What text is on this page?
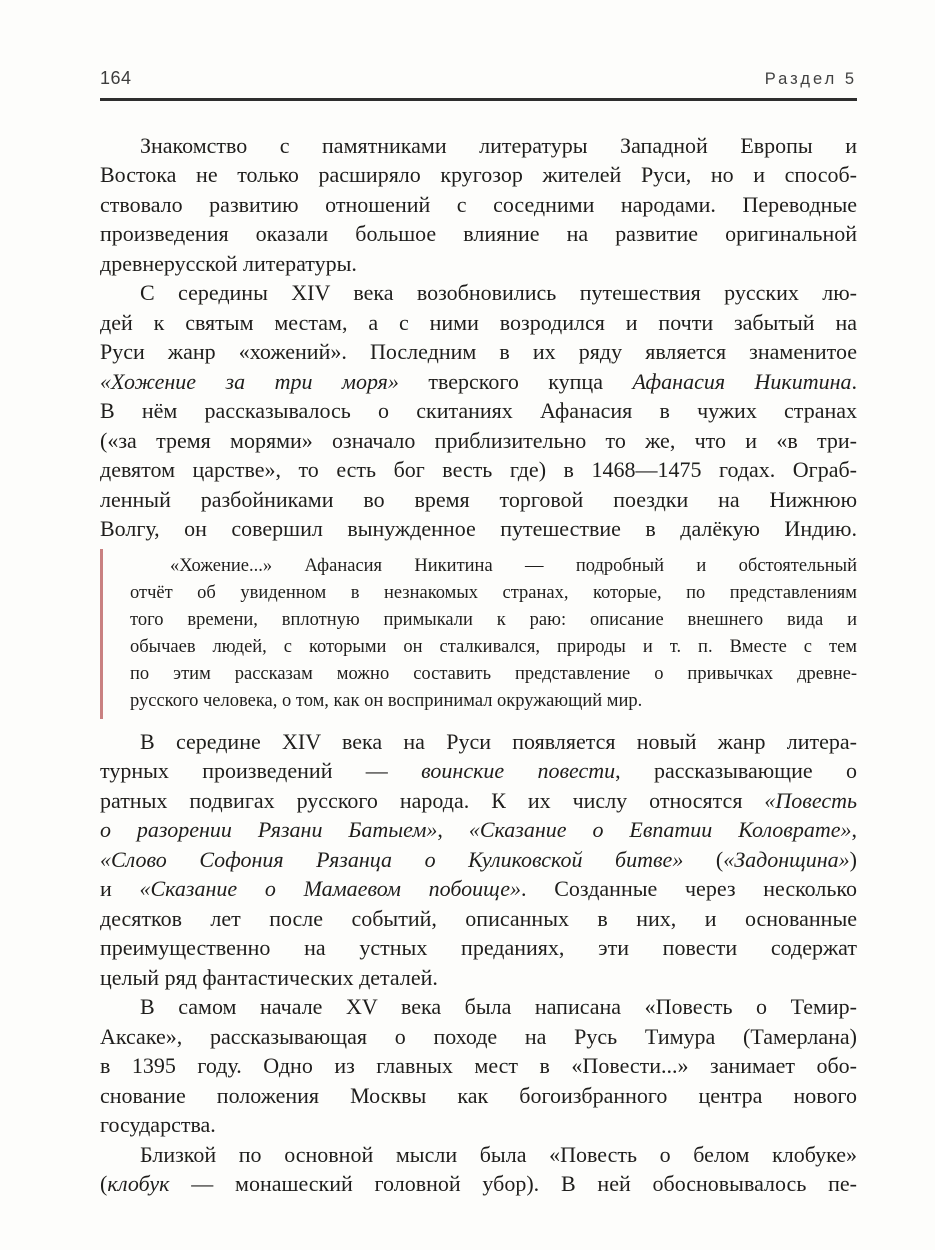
164	Раздел 5
Знакомство с памятниками литературы Западной Европы и
Востока не только расширяло кругозор жителей Руси, но и способ-
ствовало развитию отношений с соседними народами. Переводные
произведения оказали большое влияние на развитие оригинальной
древнерусской литературы.
С середины XIV века возобновились путешествия русских лю-
дей к святым местам, а с ними возродился и почти забытый на
Руси жанр «хожений». Последним в их ряду является знаменитое
«Хожение за три моря» тверского купца Афанасия Никитина.
В нём рассказывалось о скитаниях Афанасия в чужих странах
(«за тремя морями» означало приблизительно то же, что и «в три-
девятом царстве», то есть бог весть где) в 1468—1475 годах. Ограб-
ленный разбойниками во время торговой поездки на Нижнюю
Волгу, он совершил вынужденное путешествие в далёкую Индию.
«Хожение...» Афанасия Никитина — подробный и обстоятельный
отчёт об увиденном в незнакомых странах, которые, по представлениям
того времени, вплотную примыкали к раю: описание внешнего вида и
обычаев людей, с которыми он сталкивался, природы и т. п. Вместе с тем
по этим рассказам можно составить представление о привычках древне-
русского человека, о том, как он воспринимал окружающий мир.
В середине XIV века на Руси появляется новый жанр литера-
турных произведений — воинские повести, рассказывающие о
ратных подвигах русского народа. К их числу относятся «Повесть
о разорении Рязани Батыем», «Сказание о Евпатии Коловрате»,
«Слово Софония Рязанца о Куликовской битве» («Задонщина»)
и «Сказание о Мамаевом побоище». Созданные через несколько
десятков лет после событий, описанных в них, и основанные
преимущественно на устных преданиях, эти повести содержат
целый ряд фантастических деталей.
В самом начале XV века была написана «Повесть о Темир-
Аксаке», рассказывающая о походе на Русь Тимура (Тамерлана)
в 1395 году. Одно из главных мест в «Повести...» занимает обо-
снование положения Москвы как богоизбранного центра нового
государства.
Близкой по основной мысли была «Повесть о белом клобуке»
(клобук — монашеский головной убор). В ней обосновывалось пе-
